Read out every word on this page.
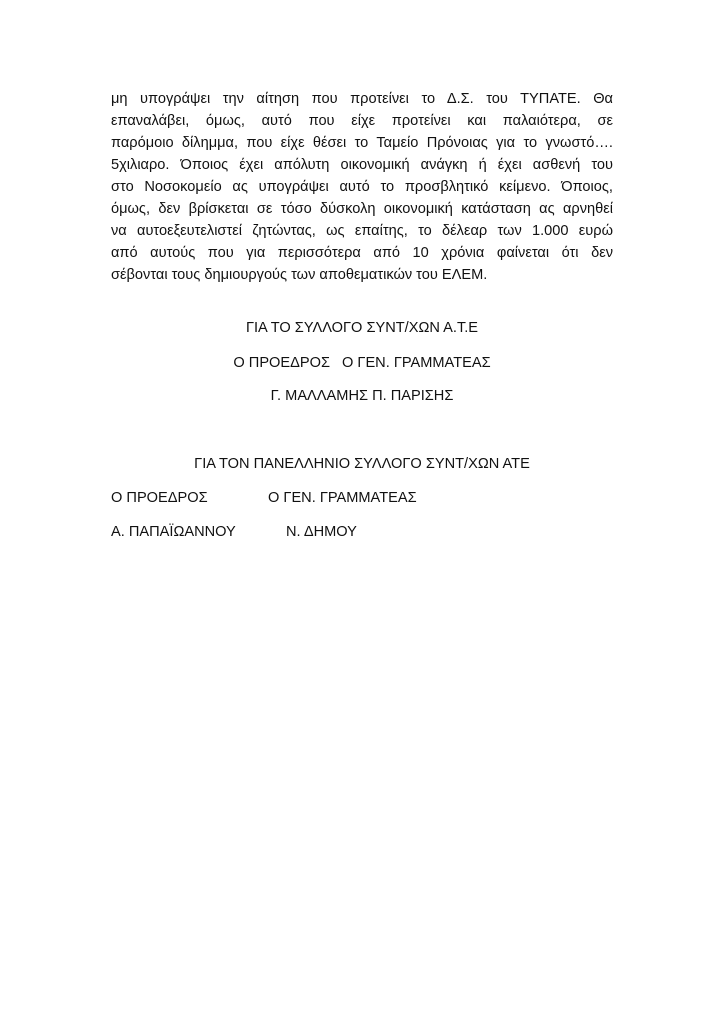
μη υπογράψει την αίτηση που προτείνει το Δ.Σ. του ΤΥΠΑΤΕ. Θα
επαναλάβει, όμως, αυτό που είχε προτείνει και παλαιότερα, σε
παρόμοιο δίλημμα, που είχε θέσει το Ταμείο Πρόνοιας για το γνωστό….
5χιλιαρο. Όποιος έχει απόλυτη οικονομική ανάγκη ή έχει ασθενή του
στο Νοσοκομείο ας υπογράψει αυτό το προσβλητικό κείμενο. Όποιος,
όμως, δεν βρίσκεται σε τόσο δύσκολη οικονομική κατάσταση ας αρνηθεί
να αυτοεξευτελιστεί ζητώντας, ως επαίτης, το δέλεαρ των 1.000 ευρώ
από αυτούς που για περισσότερα από 10 χρόνια φαίνεται ότι δεν
σέβονται τους δημιουργούς των αποθεματικών του ΕΛΕΜ.
ΓΙΑ ΤΟ ΣΥΛΛΟΓΟ ΣΥΝΤ/ΧΩΝ Α.Τ.Ε
Ο ΠΡΟΕΔΡΟΣ Ο ΓΕΝ. ΓΡΑΜΜΑΤΕΑΣ
Γ. ΜΑΛΛΑΜΗΣ Π. ΠΑΡΙΣΗΣ
ΓΙΑ ΤΟΝ ΠΑΝΕΛΛΗΝΙΟ ΣΥΛΛΟΓΟ ΣΥΝΤ/ΧΩΝ ΑΤΕ
Ο ΠΡΟΕΔΡΟΣ	Ο ΓΕΝ. ΓΡΑΜΜΑΤΕΑΣ
Α. ΠΑΠΑΪΩΑΝΝΟΥ	Ν. ΔΗΜΟΥ
